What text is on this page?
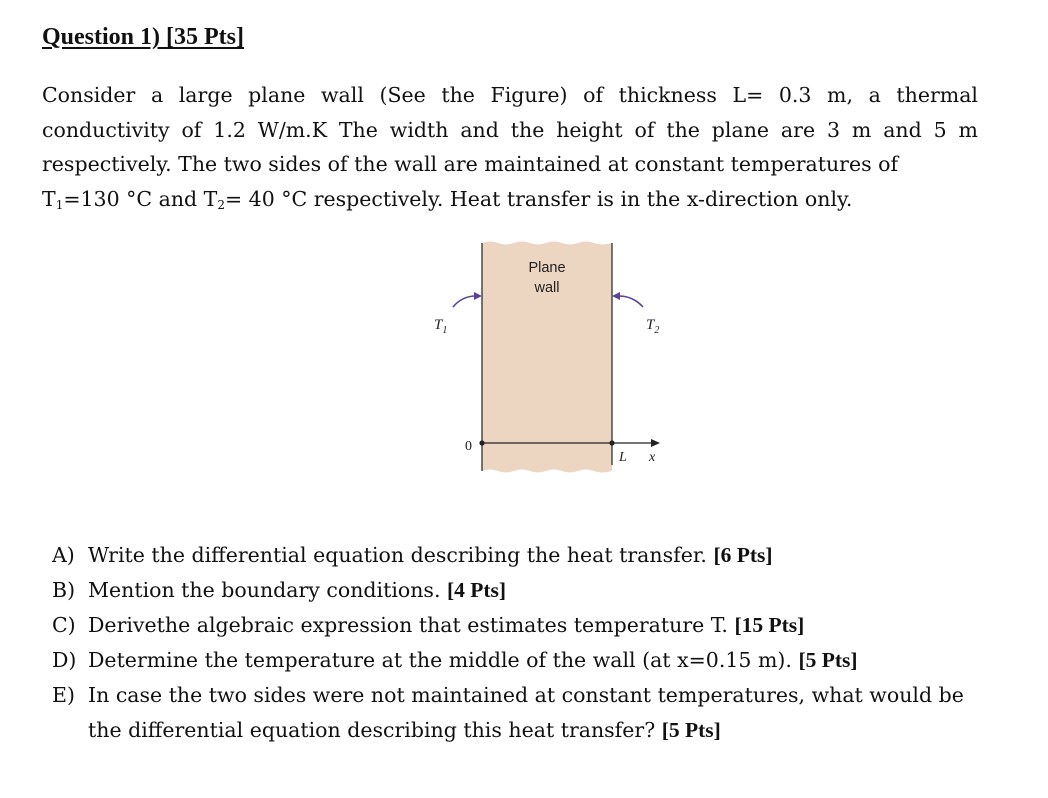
Question 1) [35 Pts]
Consider a large plane wall (See the Figure) of thickness L= 0.3 m, a thermal conductivity of 1.2 W/m.K The width and the height of the plane are 3 m and 5 m respectively. The two sides of the wall are maintained at constant temperatures of
$T_1=130$ °C and $T_2= 40$ °C respectively. Heat transfer is in the x-direction only.
Plane
wall
$T_1$	$T_2$
0
L x
A) Write the differential equation describing the heat transfer. [6 Pts]
B) Mention the boundary conditions. [4 Pts]
C) Derivethe algebraic expression that estimates temperature T. [15 Pts]
D) Determine the temperature at the middle of the wall (at x=0.15 m). [5 Pts]
E) In case the two sides were not maintained at constant temperatures, what would be the differential equation describing this heat transfer? [5 Pts]
